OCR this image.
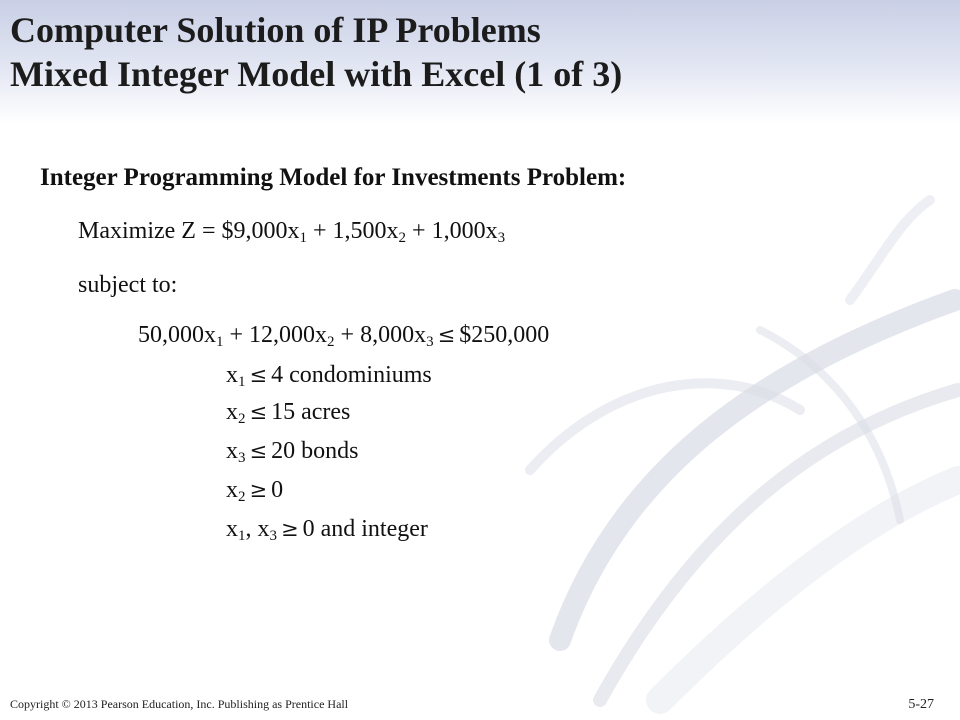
Computer Solution of IP Problems
Mixed Integer Model with Excel (1 of 3)
Integer Programming Model for Investments Problem:
Maximize $Z = \$9,000x_1 + 1,500x_2 + 1,000x_3$
subject to:
$50,000x_1 + 12,000x_2 + 8,000x_3$ ≤ $250,000
$x_1 \le 4$ condominiums
$x_2 \le 15$ acres
$x_3 \le 20$ bonds
$x_2 \ge 0$
$x_1$, $x_3 \ge 0$ and integer
Copyright © 2013 Pearson Education, Inc. Publishing as Prentice Hall	5-27
